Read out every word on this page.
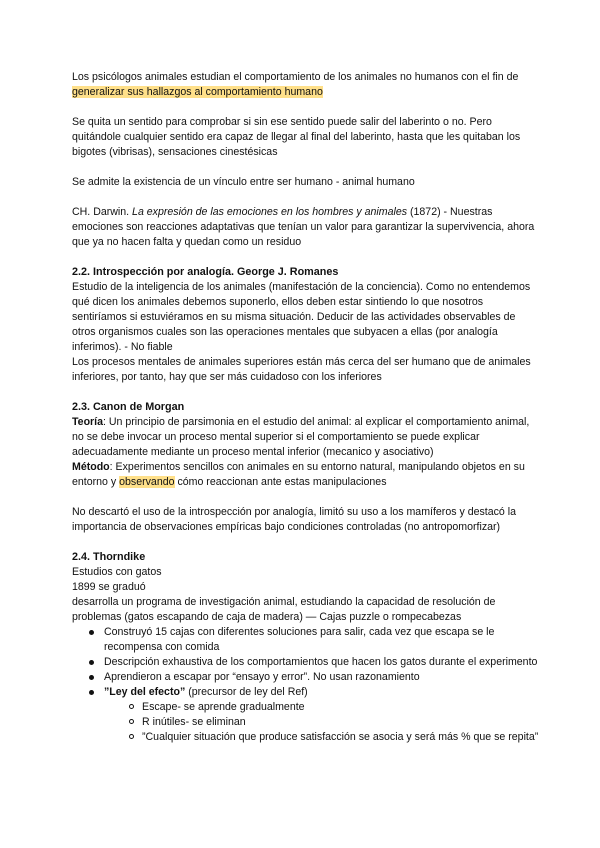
Los psicólogos animales estudian el comportamiento de los animales no humanos con el fin de generalizar sus hallazgos al comportamiento humano

Se quita un sentido para comprobar si sin ese sentido puede salir del laberinto o no. Pero quitándole cualquier sentido era capaz de llegar al final del laberinto, hasta que les quitaban los bigotes (vibrisas), sensaciones cinestésicas

Se admite la existencia de un vínculo entre ser humano - animal humano

CH. Darwin. La expresión de las emociones en los hombres y animales (1872) - Nuestras emociones son reacciones adaptativas que tenían un valor para garantizar la supervivencia, ahora que ya no hacen falta y quedan como un residuo

2.2. Introspección por analogía. George J. Romanes

Estudio de la inteligencia de los animales (manifestación de la conciencia). Como no entendemos qué dicen los animales debemos suponerlo, ellos deben estar sintiendo lo que nosotros sentiríamos si estuviéramos en su misma situación. Deducir de las actividades observables de otros organismos cuales son las operaciones mentales que subyacen a ellas (por analogía inferimos). - No fiable

Los procesos mentales de animales superiores están más cerca del ser humano que de animales inferiores, por tanto, hay que ser más cuidadoso con los inferiores

2.3. Canon de Morgan

Teoría: Un principio de parsimonia en el estudio del animal: al explicar el comportamiento animal, no se debe invocar un proceso mental superior si el comportamiento se puede explicar adecuadamente mediante un proceso mental inferior (mecanico y asociativo)

Método: Experimentos sencillos con animales en su entorno natural, manipulando objetos en su entorno y observando cómo reaccionan ante estas manipulaciones

No descartó el uso de la introspección por analogía, limitó su uso a los mamíferos y destacó la importancia de observaciones empíricas bajo condiciones controladas (no antropomorfizar)

2.4. Thorndike

Estudios con gatos

1899 se graduó

desarrolla un programa de investigación animal, estudiando la capacidad de resolución de problemas (gatos escapando de caja de madera) — Cajas puzzle o rompecabezas

Construyó 15 cajas con diferentes soluciones para salir, cada vez que escapa se le recompensa con comida
Descripción exhaustiva de los comportamientos que hacen los gatos durante el experimento
Aprendieron a escapar por “ensayo y error”. No usan razonamiento
”Ley del efecto” (precursor de ley del Ref)
Escape- se aprende gradualmente
R inútiles- se eliminan
”Cualquier situación que produce satisfacción se asocia y será más % que se repita”
